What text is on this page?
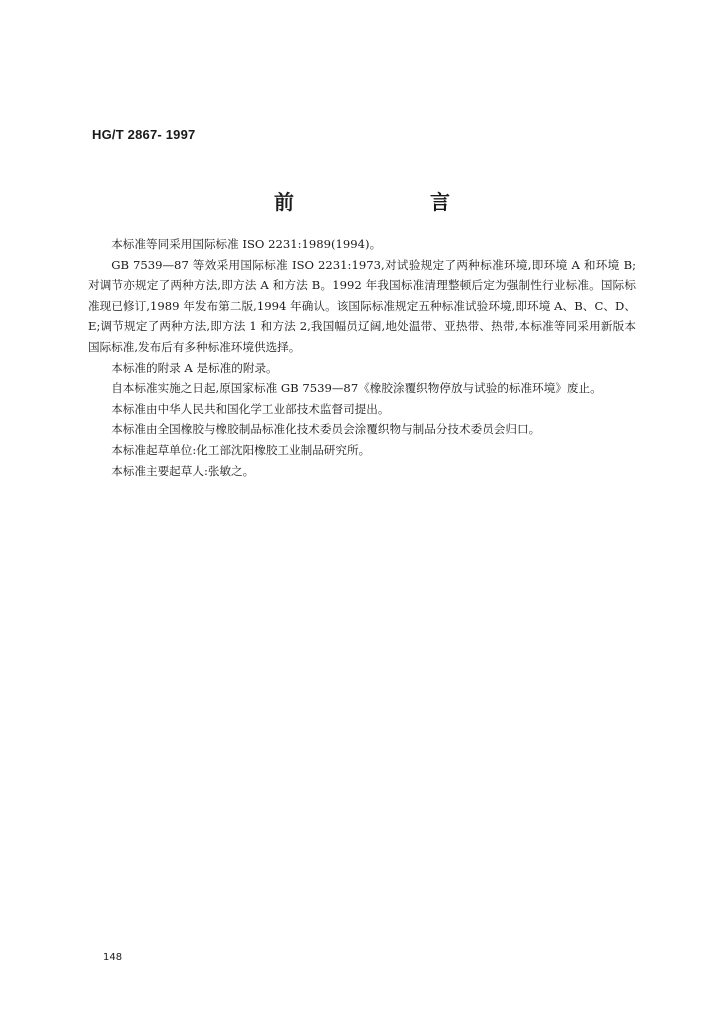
HG/T 2867- 1997
前　言

本标准等同采用国际标准 ISO 2231:1989(1994)。

GB 7539—87 等效采用国际标准 ISO 2231:1973,对试验规定了两种标准环境,即环境 A 和环境 B;对调节亦规定了两种方法,即方法 A 和方法 B。1992 年我国标准清理整顿后定为强制性行业标准。国际标准现已修订,1989 年发布第二版,1994 年确认。该国际标准规定五种标准试验环境,即环境 A、B、C、D、E;调节规定了两种方法,即方法 1 和方法 2,我国幅员辽阔,地处温带、亚热带、热带,本标准等同采用新版本国际标准,发布后有多种标准环境供选择。

本标准的附录 A 是标准的附录。

自本标准实施之日起,原国家标准 GB 7539—87《橡胶涂覆织物停放与试验的标准环境》废止。

本标准由中华人民共和国化学工业部技术监督司提出。

本标准由全国橡胶与橡胶制品标准化技术委员会涂覆织物与制品分技术委员会归口。

本标准起草单位:化工部沈阳橡胶工业制品研究所。

本标准主要起草人:张敏之。

148
